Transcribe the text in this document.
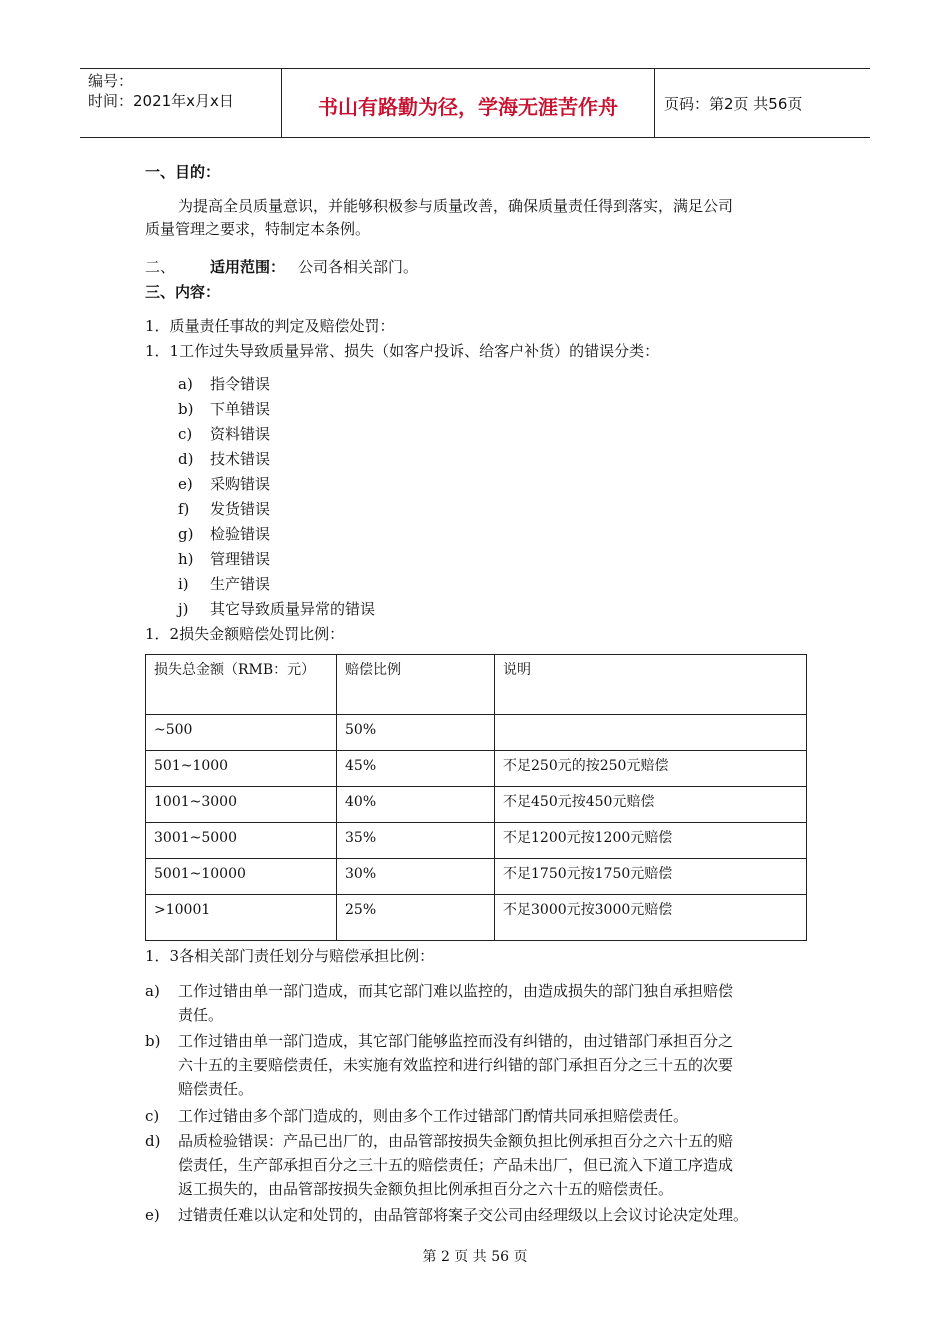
编号：
时间：2021年x月x日	书山有路勤为径，学海无涯苦作舟	页码：第2页 共56页
一、目的：
为提高全员质量意识，并能够积极参与质量改善，确保质量责任得到落实，满足公司
质量管理之要求，特制定本条例。
二、 适用范围： 公司各相关部门。
三、内容：
1．质量责任事故的判定及赔偿处罚：
1．1工作过失导致质量异常、损失（如客户投诉、给客户补货）的错误分类：
a) 指令错误
b) 下单错误
c) 资料错误
d) 技术错误
e) 采购错误
f) 发货错误
g) 检验错误
h) 管理错误
i) 生产错误
j) 其它导致质量异常的错误
1．2损失金额赔偿处罚比例：
损失总金额（RMB：元）	赔偿比例	说明
~500	50%	
501~1000	45%	不足250元的按250元赔偿
1001~3000	40%	不足450元按450元赔偿
3001~5000	35%	不足1200元按1200元赔偿
5001~10000	30%	不足1750元按1750元赔偿
>10001	25%	不足3000元按3000元赔偿
1．3各相关部门责任划分与赔偿承担比例：
a) 工作过错由单一部门造成，而其它部门难以监控的，由造成损失的部门独自承担赔偿
责任。
b) 工作过错由单一部门造成，其它部门能够监控而没有纠错的，由过错部门承担百分之
六十五的主要赔偿责任，未实施有效监控和进行纠错的部门承担百分之三十五的次要
赔偿责任。
c) 工作过错由多个部门造成的，则由多个工作过错部门酌情共同承担赔偿责任。
d) 品质检验错误：产品已出厂的，由品管部按损失金额负担比例承担百分之六十五的赔
偿责任，生产部承担百分之三十五的赔偿责任；产品未出厂，但已流入下道工序造成
返工损失的，由品管部按损失金额负担比例承担百分之六十五的赔偿责任。
e) 过错责任难以认定和处罚的，由品管部将案子交公司由经理级以上会议讨论决定处理。
第 2 页 共 56 页
